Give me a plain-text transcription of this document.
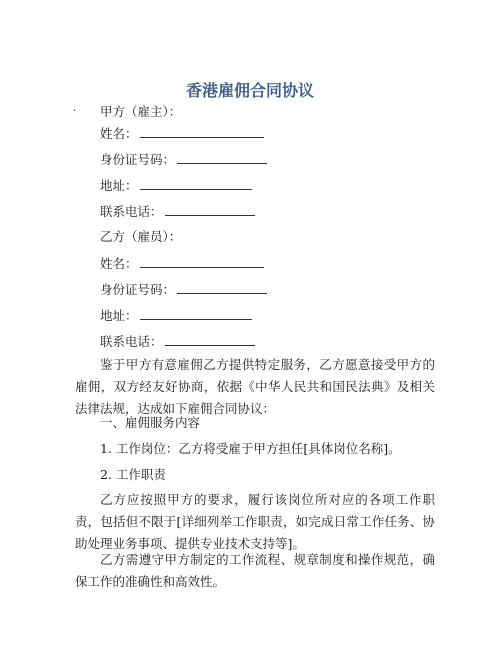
香港雇佣合同协议
· 甲方（雇主）：
姓名：
身份证号码：
地址：
联系电话：
乙方（雇员）：
姓名：
身份证号码：
地址：
联系电话：
鉴于甲方有意雇佣乙方提供特定服务，乙方愿意接受甲方的雇佣，双方经友好协商，依据《中华人民共和国民法典》及相关法律法规，达成如下雇佣合同协议：
一、雇佣服务内容
1. 工作岗位：乙方将受雇于甲方担任[具体岗位名称]。
2. 工作职责
乙方应按照甲方的要求，履行该岗位所对应的各项工作职责，包括但不限于[详细列举工作职责，如完成日常工作任务、协助处理业务事项、提供专业技术支持等]。
乙方需遵守甲方制定的工作流程、规章制度和操作规范，确保工作的准确性和高效性。
